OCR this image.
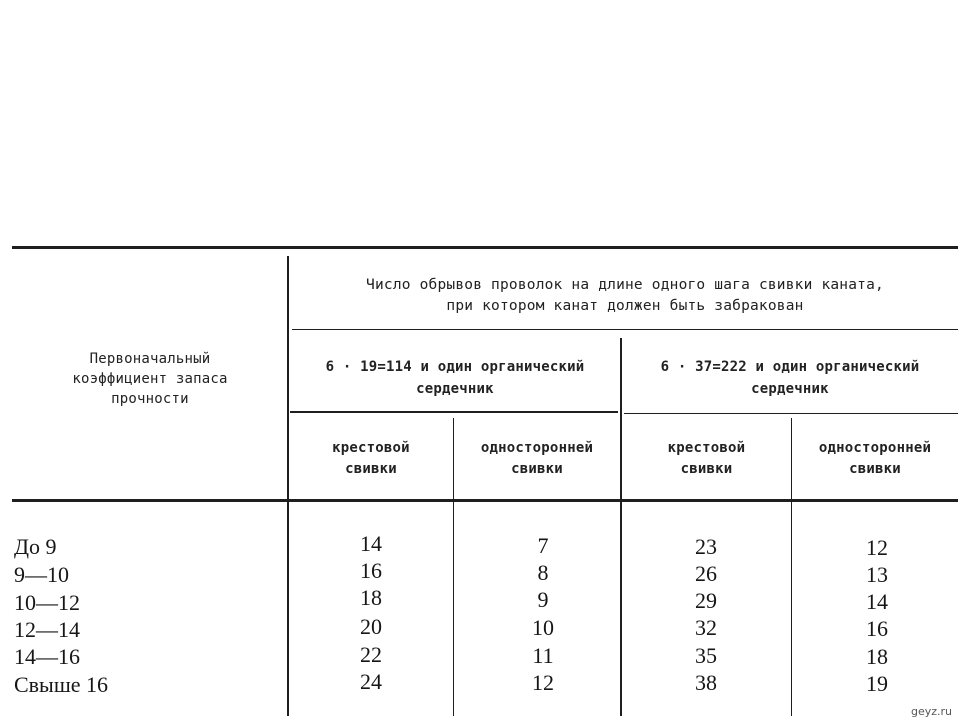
Первоначальный
коэффициент запаса
прочности
Число обрывов проволок на длине одного шага свивки каната,
при котором канат должен быть забракован
6 · 19=114 и один органический
сердечник
6 · 37=222 и один органический
сердечник
крестовой
свивки
односторонней
свивки
крестовой
свивки
односторонней
свивки
До 9	14	7	23	12
9—10	16	8	26	13
10—12	18	9	29	14
12—14	20	10	32	16
14—16	22	11	35	18
Свыше 16	24	12	38	19
geyz.ru
